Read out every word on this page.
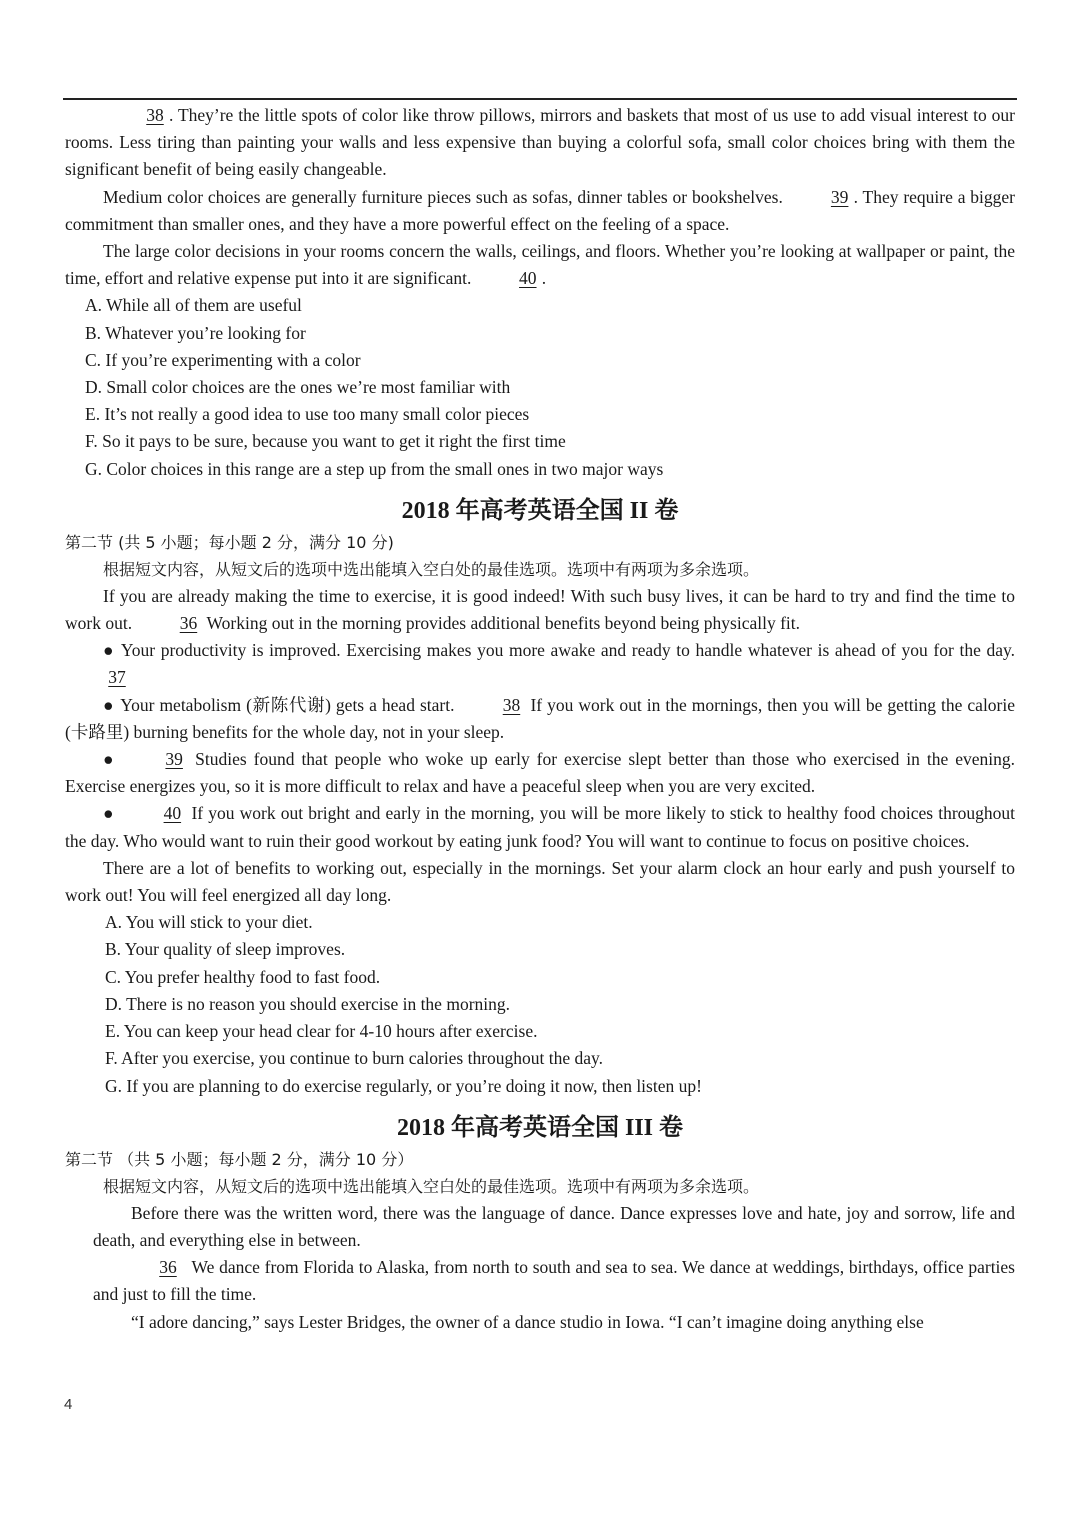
38 . They’re the little spots of color like throw pillows, mirrors and baskets that most of us use to add visual interest to our rooms. Less tiring than painting your walls and less expensive than buying a colorful sofa, small color choices bring with them the significant benefit of being easily changeable.

Medium color choices are generally furniture pieces such as sofas, dinner tables or bookshelves.	39 . They require a bigger commitment than smaller ones, and they have a more powerful effect on the feeling of a space.

The large color decisions in your rooms concern the walls, ceilings, and floors. Whether you’re looking at wallpaper or paint, the time, effort and relative expense put into it are significant.	40 .

A. While all of them are useful

B. Whatever you’re looking for

C. If you’re experimenting with a color

D. Small color choices are the ones we’re most familiar with

E. It’s not really a good idea to use too many small color pieces

F. So it pays to be sure, because you want to get it right the first time

G. Color choices in this range are a step up from the small ones in two major ways

2018 年高考英语全国 II 卷

第二节 (共 5 小题；每小题 2 分，满分 10 分)

根据短文内容，从短文后的选项中选出能填入空白处的最佳选项。选项中有两项为多余选项。

If you are already making the time to exercise, it is good indeed! With such busy lives, it can be hard to try and find the time to work out.	36 Working out in the morning provides additional benefits beyond being physically fit.

● Your productivity is improved. Exercising makes you more awake and ready to handle whatever is ahead of you for the day. 37

● Your metabolism (新陈代谢) gets a head start.	38 If you work out in the mornings, then you will be getting the calorie (卡路里) burning benefits for the whole day, not in your sleep.

●	39 Studies found that people who woke up early for exercise slept better than those who exercised in the evening. Exercise energizes you, so it is more difficult to relax and have a peaceful sleep when you are very excited.

●	40 If you work out bright and early in the morning, you will be more likely to stick to healthy food choices throughout the day. Who would want to ruin their good workout by eating junk food? You will want to continue to focus on positive choices.

There are a lot of benefits to working out, especially in the mornings. Set your alarm clock an hour early and push yourself to work out! You will feel energized all day long.

A. You will stick to your diet.

B. Your quality of sleep improves.

C. You prefer healthy food to fast food.

D. There is no reason you should exercise in the morning.

E. You can keep your head clear for 4-10 hours after exercise.

F. After you exercise, you continue to burn calories throughout the day.

G. If you are planning to do exercise regularly, or you’re doing it now, then listen up!

2018 年高考英语全国 III 卷

第二节 （共 5 小题；每小题 2 分，满分 10 分）

根据短文内容，从短文后的选项中选出能填入空白处的最佳选项。选项中有两项为多余选项。

Before there was the written word, there was the language of dance. Dance expresses love and hate, joy and sorrow, life and death, and everything else in between.

36 We dance from Florida to Alaska, from north to south and sea to sea. We dance at weddings, birthdays, office parties and just to fill the time.

“I adore dancing,” says Lester Bridges, the owner of a dance studio in Iowa. “I can’t imagine doing anything else

4
